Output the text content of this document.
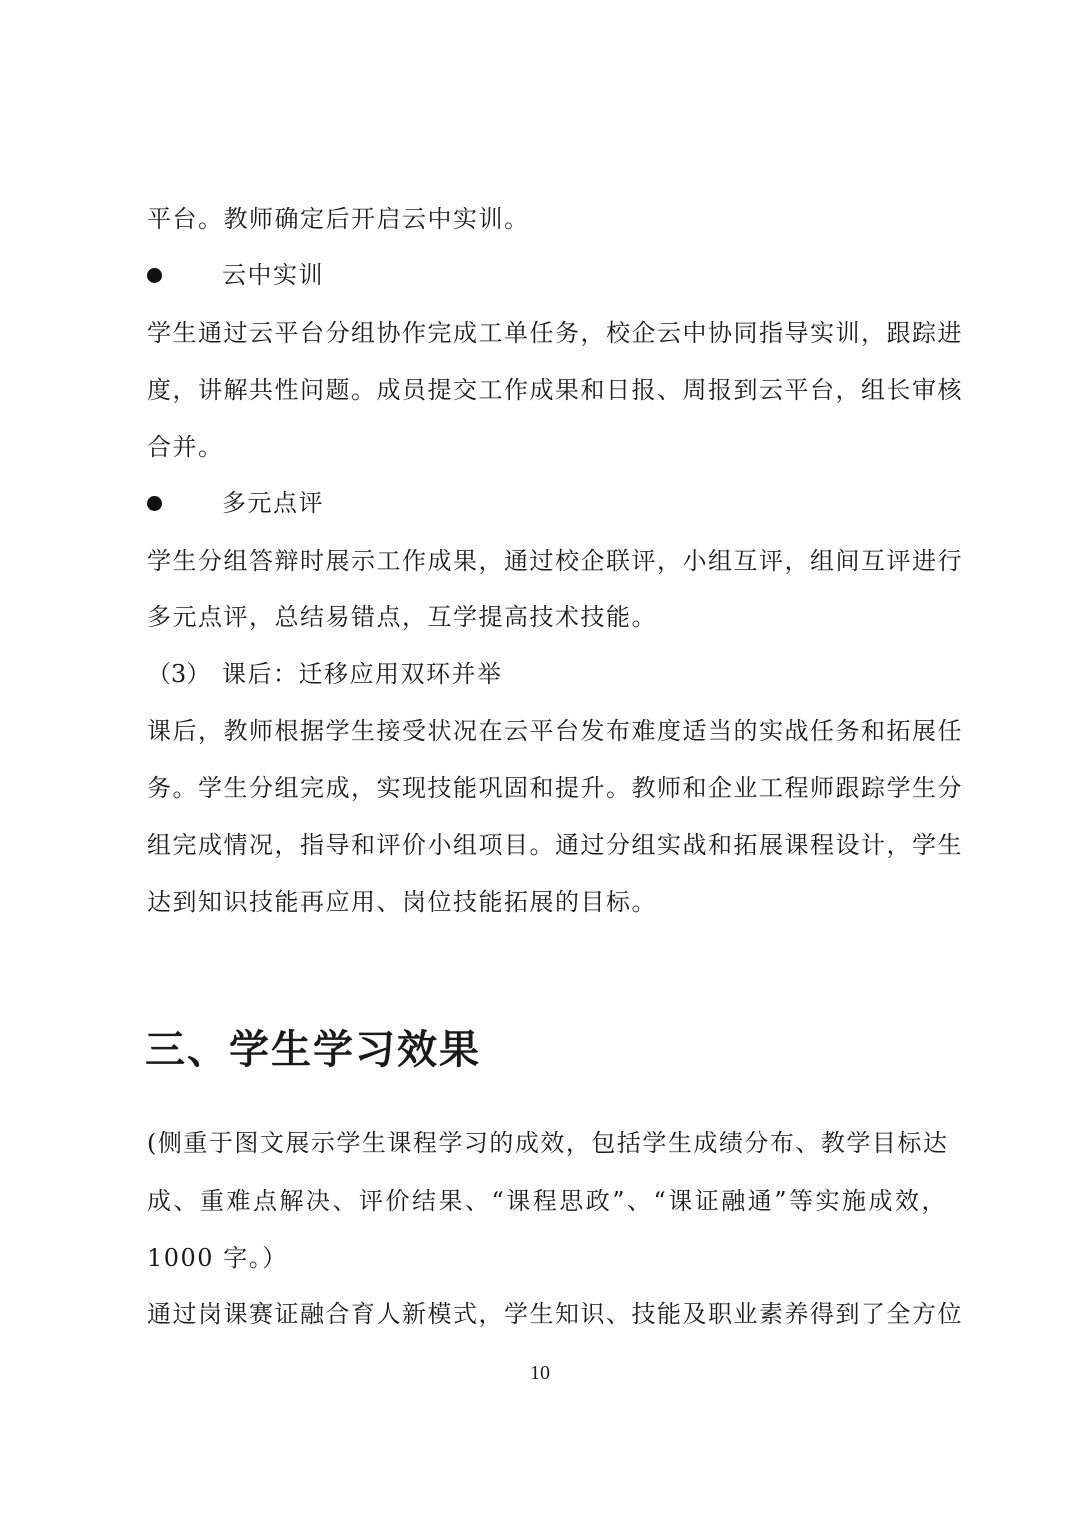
平台。教师确定后开启云中实训。
云中实训
学生通过云平台分组协作完成工单任务，校企云中协同指导实训，跟踪进
度，讲解共性问题。成员提交工作成果和日报、周报到云平台，组长审核
合并。
多元点评
学生分组答辩时展示工作成果，通过校企联评，小组互评，组间互评进行
多元点评，总结易错点，互学提高技术技能。
（3） 课后：迁移应用双环并举
课后，教师根据学生接受状况在云平台发布难度适当的实战任务和拓展任
务。学生分组完成，实现技能巩固和提升。教师和企业工程师跟踪学生分
组完成情况，指导和评价小组项目。通过分组实战和拓展课程设计，学生
达到知识技能再应用、岗位技能拓展的目标。
三、学生学习效果
(侧重于图文展示学生课程学习的成效，包括学生成绩分布、教学目标达
成、重难点解决、评价结果、“课程思政”、“课证融通”等实施成效，
1000 字。）
通过岗课赛证融合育人新模式，学生知识、技能及职业素养得到了全方位
10
